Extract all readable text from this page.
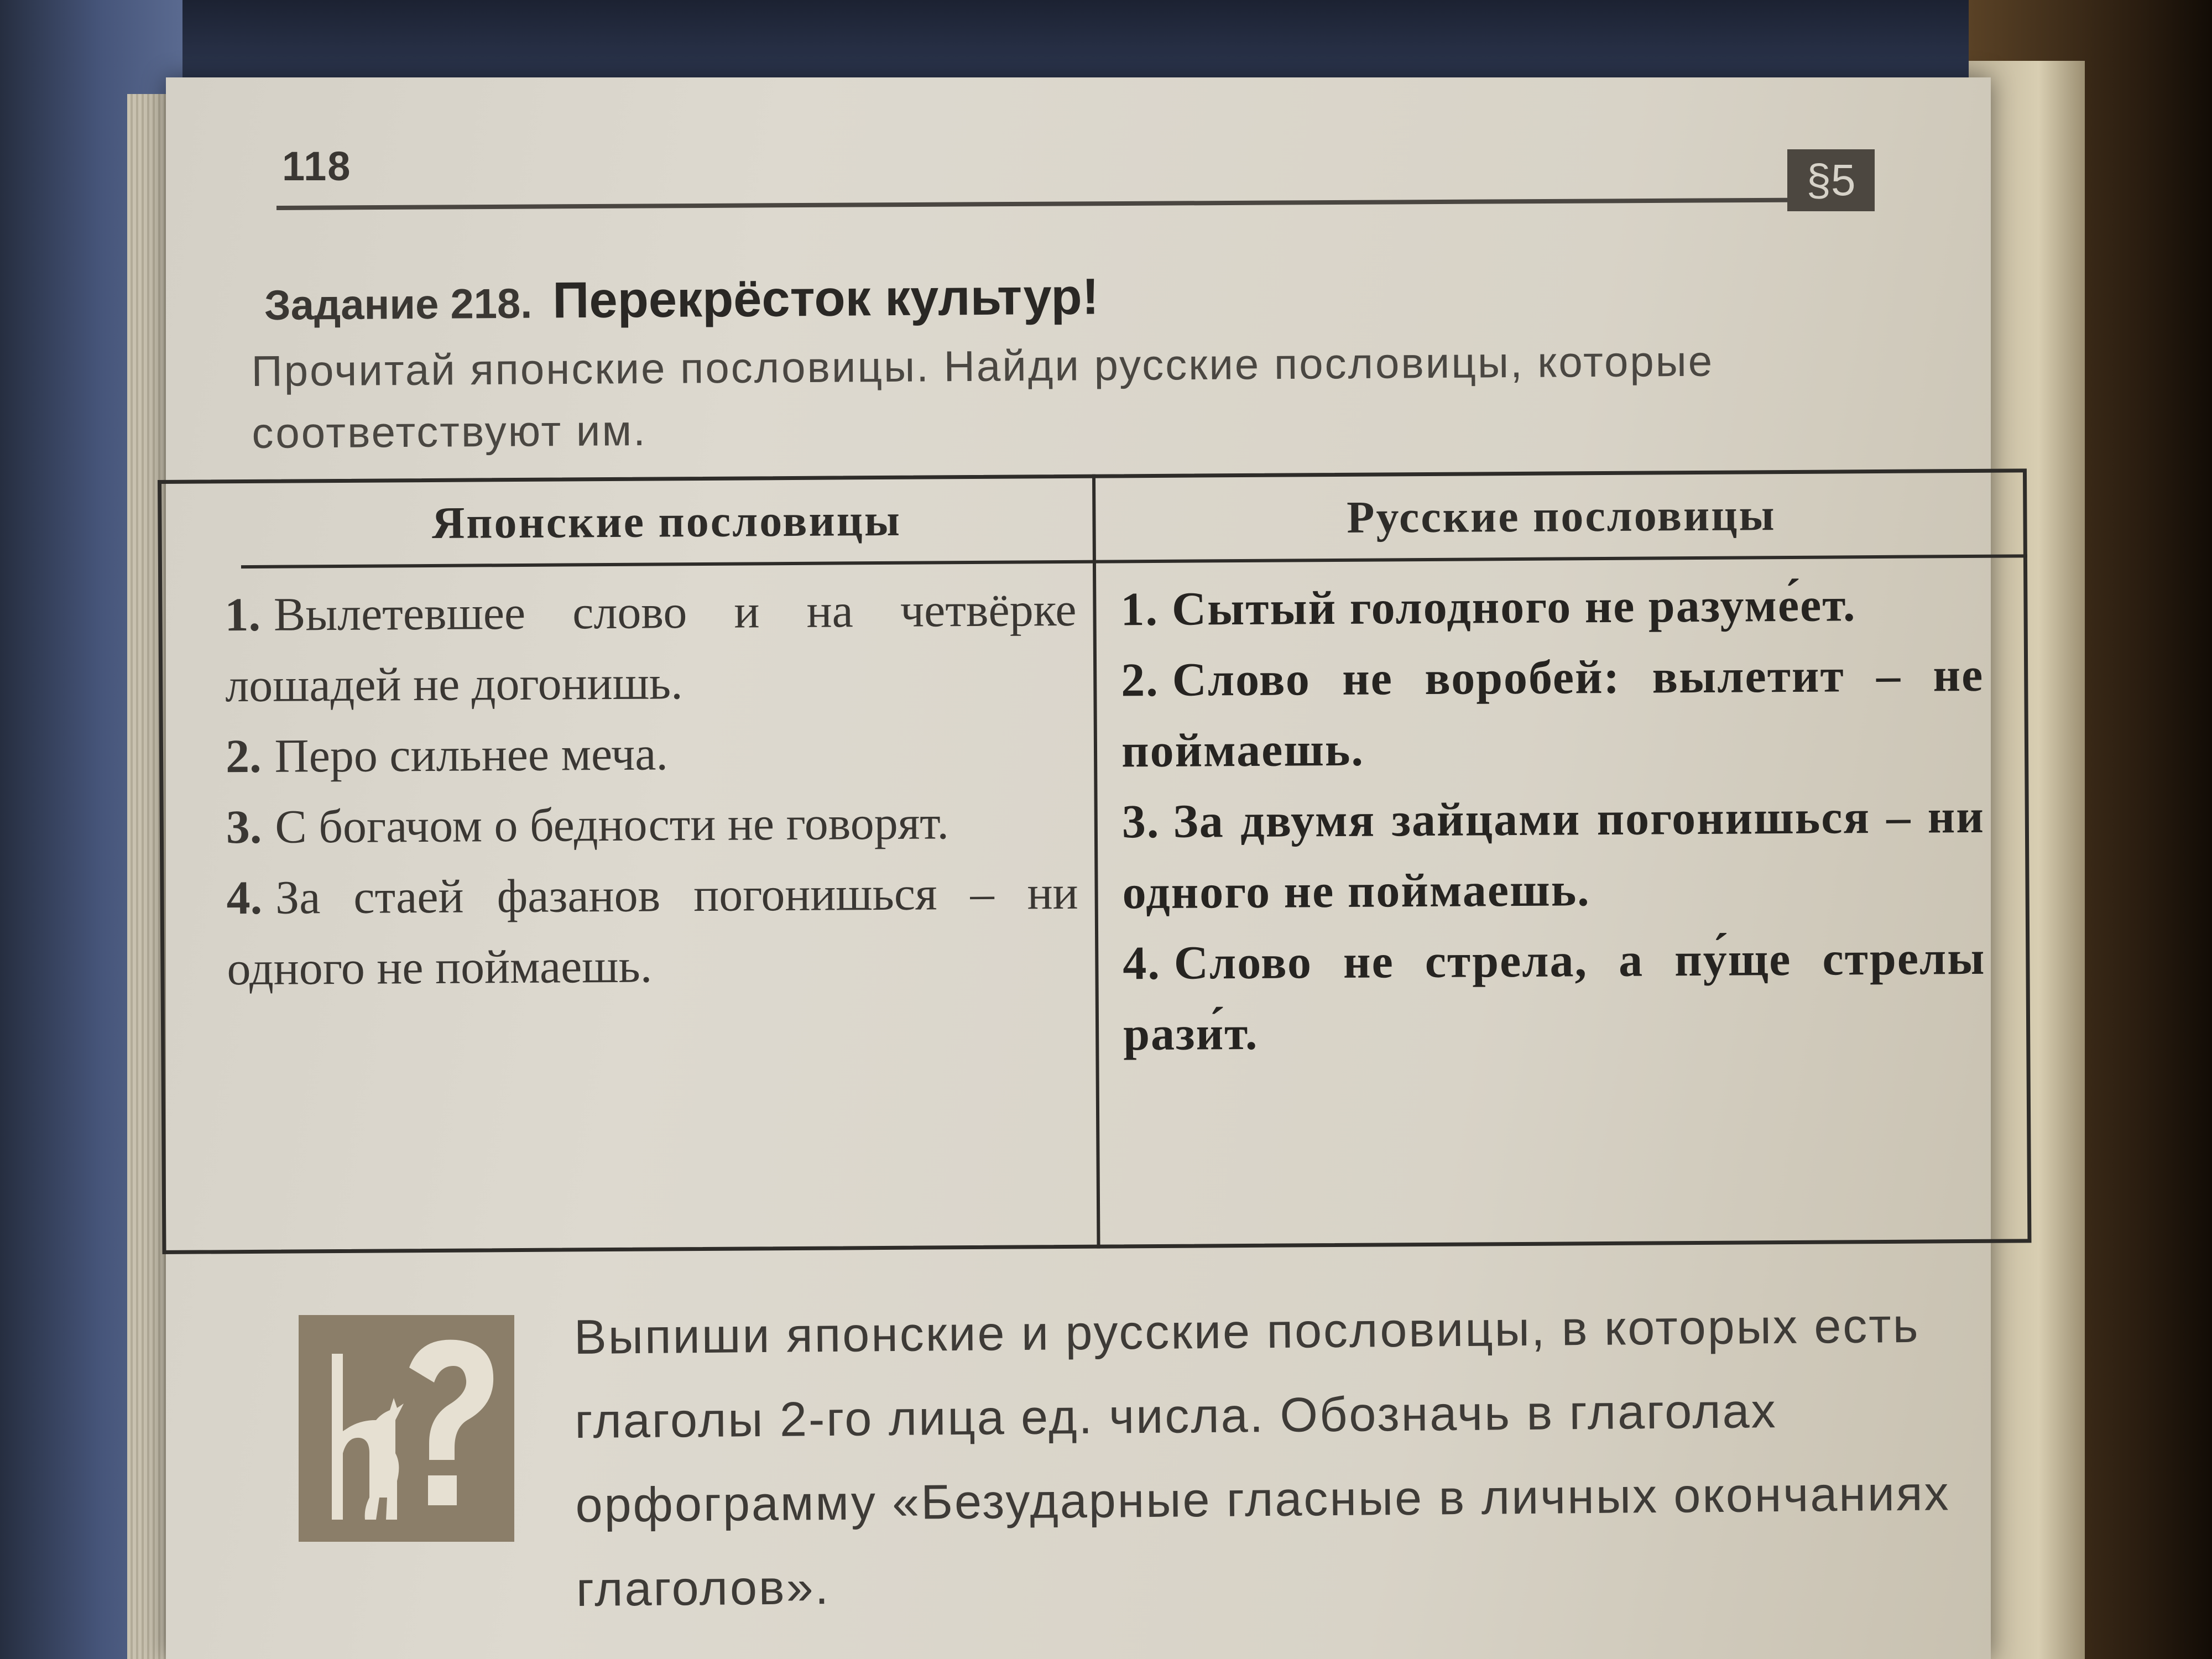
118	§5
Задание 218. Перекрёсток культур!
Прочитай японские пословицы. Найди русские пословицы, которые соответствуют им.
Японские пословицы	Русские пословицы

1. Вылетевшее слово и на четвёрке лошадей не догонишь.

2. Перо сильнее меча.

3. С богачом о бедности не говорят.

4. За стаей фазанов погонишься – ни одного не поймаешь.

1. Сытый голодного не разуме́ет.

2. Слово не воробей: вылетит – не поймаешь.

3. За двумя зайцами погонишься – ни одного не поймаешь.

4. Слово не стрела, а пу́ще стрелы рази́т.

Выпиши японские и русские пословицы, в которых есть глаголы 2-го лица ед. числа. Обозначь в глаголах орфограмму «Безударные гласные в личных окончаниях глаголов».
